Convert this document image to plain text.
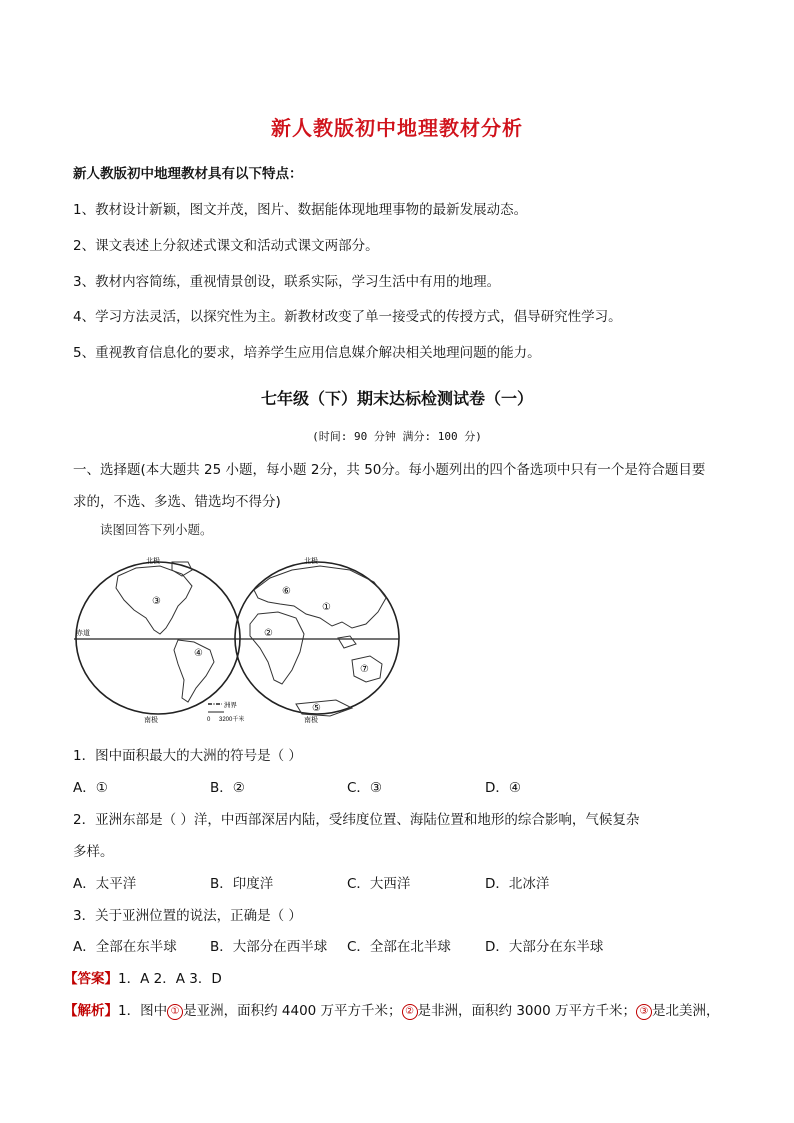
新人教版初中地理教材分析
新人教版初中地理教材具有以下特点：
1、教材设计新颖，图文并茂，图片、数据能体现地理事物的最新发展动态。
2、课文表述上分叙述式课文和活动式课文两部分。
3、教材内容简练，重视情景创设，联系实际，学习生活中有用的地理。
4、学习方法灵活，以探究性为主。新教材改变了单一接受式的传授方式，倡导研究性学习。
5、重视教育信息化的要求，培养学生应用信息媒介解决相关地理问题的能力。
七年级（下）期末达标检测试卷（一）
(时间: 90 分钟 满分: 100 分)
一、选择题(本大题共 25 小题，每小题 2分，共 50分。每小题列出的四个备选项中只有一个是符合题目要
求的，不选、多选、错选均不得分)
读图回答下列小题。
北极	北极
南极	南极
赤道
③
④
①
②
⑥
⑦
⑤
洲界
0 3200千米
1．图中面积最大的大洲的符号是（ ）
A．①	B．②	C．③	D．④
2．亚洲东部是（ ）洋，中西部深居内陆，受纬度位置、海陆位置和地形的综合影响，气候复杂
多样。
A．太平洋	B．印度洋	C．大西洋	D．北冰洋
3．关于亚洲位置的说法，正确是（ ）
A．全部在东半球 B．大部分在西半球 C．全部在北半球	D．大部分在东半球
【答案】1．A 2．A 3．D
【解析】1．图中 ① 是亚洲，面积约 4400 万平方千米； ② 是非洲，面积约 3000 万平方千米； ③ 是北美洲，
